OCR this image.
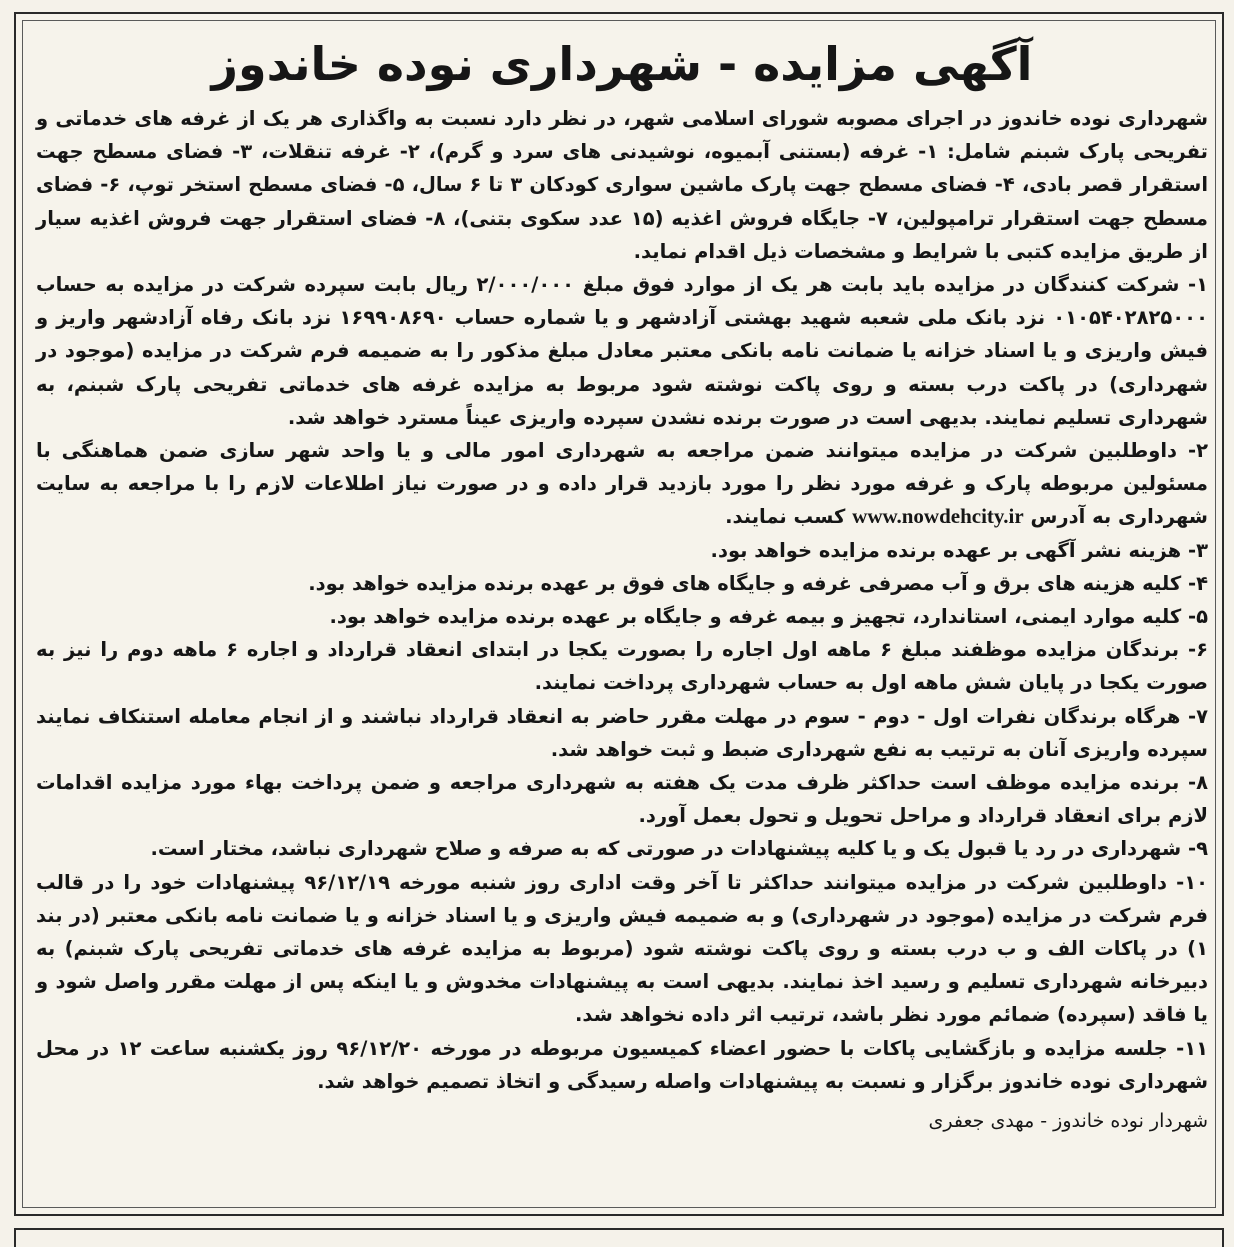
آگهی مزایده - شهرداری نوده خاندوز

شهرداری نوده خاندوز در اجرای مصوبه شورای اسلامی شهر، در نظر دارد نسبت به واگذاری هر یک از غرفه های خدماتی و تفریحی پارک شبنم شامل: ۱- غرفه (بستنی آبمیوه، نوشیدنی های سرد و گرم)، ۲- غرفه تنقلات، ۳- فضای مسطح جهت استقرار قصر بادی، ۴- فضای مسطح جهت پارک ماشین سواری کودکان ۳ تا ۶ سال، ۵- فضای مسطح استخر توپ، ۶- فضای مسطح جهت استقرار ترامپولین، ۷- جایگاه فروش اغذیه (۱۵ عدد سکوی بتنی)، ۸- فضای استقرار جهت فروش اغذیه سیار از طریق مزایده کتبی با شرایط و مشخصات ذیل اقدام نماید.

۱- شرکت کنندگان در مزایده باید بابت هر یک از موارد فوق مبلغ ۲/۰۰۰/۰۰۰ ریال بابت سپرده شرکت در مزایده به حساب ۰۱۰۵۴۰۲۸۲۵۰۰۰ نزد بانک ملی شعبه شهید بهشتی آزادشهر و یا شماره حساب ۱۶۹۹۰۸۶۹۰ نزد بانک رفاه آزادشهر واریز و فیش واریزی و یا اسناد خزانه یا ضمانت نامه بانکی معتبر معادل مبلغ مذکور را به ضمیمه فرم شرکت در مزایده (موجود در شهرداری) در پاکت درب بسته و روی پاکت نوشته شود مربوط به مزایده غرفه های خدماتی تفریحی پارک شبنم، به شهرداری تسلیم نمایند. بدیهی است در صورت برنده نشدن سپرده واریزی عیناً مسترد خواهد شد.

۲- داوطلبین شرکت در مزایده میتوانند ضمن مراجعه به شهرداری امور مالی و یا واحد شهر سازی ضمن هماهنگی با مسئولین مربوطه پارک و غرفه مورد نظر را مورد بازدید قرار داده و در صورت نیاز اطلاعات لازم را با مراجعه به سایت شهرداری به آدرس www.nowdehcity.ir کسب نمایند.

۳- هزینه نشر آگهی بر عهده برنده مزایده خواهد بود.

۴- کلیه هزینه های برق و آب مصرفی غرفه و جایگاه های فوق بر عهده برنده مزایده خواهد بود.

۵- کلیه موارد ایمنی، استاندارد، تجهیز و بیمه غرفه و جایگاه بر عهده برنده مزایده خواهد بود.

۶- برندگان مزایده موظفند مبلغ ۶ ماهه اول اجاره را بصورت یکجا در ابتدای انعقاد قرارداد و اجاره ۶ ماهه دوم را نیز به صورت یکجا در پایان شش ماهه اول به حساب شهرداری پرداخت نمایند.

۷- هرگاه برندگان نفرات اول - دوم - سوم در مهلت مقرر حاضر به انعقاد قرارداد نباشند و از انجام معامله استنکاف نمایند سپرده واریزی آنان به ترتیب به نفع شهرداری ضبط و ثبت خواهد شد.

۸- برنده مزایده موظف است حداکثر ظرف مدت یک هفته به شهرداری مراجعه و ضمن پرداخت بهاء مورد مزایده اقدامات لازم برای انعقاد قرارداد و مراحل تحویل و تحول بعمل آورد.

۹- شهرداری در رد یا قبول یک و یا کلیه پیشنهادات در صورتی که به صرفه و صلاح شهرداری نباشد، مختار است.

۱۰- داوطلبین شرکت در مزایده میتوانند حداکثر تا آخر وقت اداری روز شنبه مورخه ۹۶/۱۲/۱۹ پیشنهادات خود را در قالب فرم شرکت در مزایده (موجود در شهرداری) و به ضمیمه فیش واریزی و یا اسناد خزانه و یا ضمانت نامه بانکی معتبر (در بند ۱) در پاکات الف و ب درب بسته و روی پاکت نوشته شود (مربوط به مزایده غرفه های خدماتی تفریحی پارک شبنم) به دبیرخانه شهرداری تسلیم و رسید اخذ نمایند. بدیهی است به پیشنهادات مخدوش و یا اینکه پس از مهلت مقرر واصل شود و یا فاقد (سپرده) ضمائم مورد نظر باشد، ترتیب اثر داده نخواهد شد.

۱۱- جلسه مزایده و بازگشایی پاکات با حضور اعضاء کمیسیون مربوطه در مورخه ۹۶/۱۲/۲۰ روز یکشنبه ساعت ۱۲ در محل شهرداری نوده خاندوز برگزار و نسبت به پیشنهادات واصله رسیدگی و اتخاذ تصمیم خواهد شد.

شهردار نوده خاندوز - مهدی جعفری
